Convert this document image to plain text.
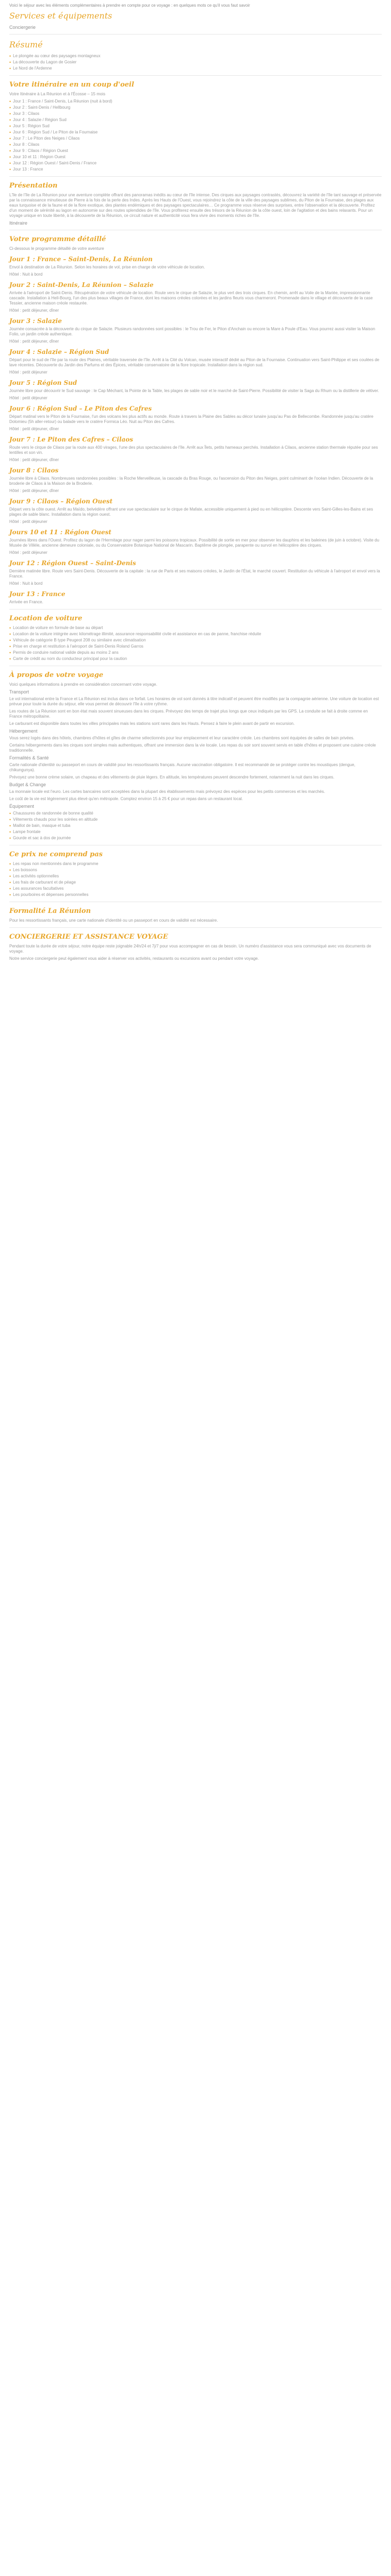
Voici le séjour avec les éléments complémentaires à prendre en compte pour ce voyage : en quelques mots ce qu'il vous faut savoir

Services et équipements

Conciergerie

Résumé
• Le plongée au cœur des paysages montagneux
• La découverte du Lagon de Gosier
• Le Nord de l'Ardenne
Votre itinéraire en un coup d'oeil

Votre Itinéraire à La Réunion et à l'Écosse – 15 mois

• Jour 1 : France / Saint-Denis, La Réunion (nuit à bord)
• Jour 2 : Saint-Denis / Hellbourg
• Jour 3 : Cilaos
• Jour 4 : Salazie / Région Sud
• Jour 5 : Région Sud
• Jour 6 : Région Sud / Le Piton de la Fournaise
• Jour 7 : Le Piton des Neiges / Cilaos
• Jour 8 : Cilaos
• Jour 9 : Cilaos / Région Ouest
• Jour 10 et 11 : Région Ouest
• Jour 12 : Région Ouest / Saint-Denis / France
• Jour 13 : France
Présentation

L'île de l'île de La Réunion pour une aventure complète offrant des panoramas inédits au cœur de l'île intense. Des cirques aux paysages contrastés, découvrez la variété de l'île tant sauvage et préservée par la connaissance minutieuse de Pierre à la fois de la perle des Indes. Après les Hauts de l'Ouest, vous rejoindrez la côte de la ville des paysages sublimes, du Piton de la Fournaise, des plages aux eaux turquoise et de la faune et de la flore exotique, des plantes endémiques et des paysages spectaculaires… Ce programme vous réserve des surprises, entre l'observation et la découverte. Profitez d'un moment de sérénité au lagon en autonomie sur des routes splendides de l'île. Vous profiterez ensuite des trésors de la Réunion de la côte ouest, loin de l'agitation et des bains relaxants. Pour un voyage unique en toute liberté, à la découverte de la Réunion, ce circuit nature et authenticité vous fera vivre des moments riches de l'île.

Itinéraire

Votre programme détaillé

Ci-dessous le programme détaillé de votre aventure

Jour 1 : France – Saint-Denis, La Réunion

Envol à destination de La Réunion. Selon les horaires de vol, prise en charge de votre véhicule de location.

Hôtel : Nuit à bord

Jour 2 : Saint-Denis, La Réunion – Salazie

Arrivée à l'aéroport de Saint-Denis. Récupération de votre véhicule de location. Route vers le cirque de Salazie, le plus vert des trois cirques. En chemin, arrêt au Voile de la Mariée, impressionnante cascade. Installation à Hell-Bourg, l'un des plus beaux villages de France, dont les maisons créoles colorées et les jardins fleuris vous charmeront. Promenade dans le village et découverte de la case Tessier, ancienne maison créole restaurée.

Hôtel : petit déjeuner, dîner

Jour 3 : Salazie

Journée consacrée à la découverte du cirque de Salazie. Plusieurs randonnées sont possibles : le Trou de Fer, le Piton d'Anchain ou encore la Mare à Poule d'Eau. Vous pourrez aussi visiter la Maison Folio, un jardin créole authentique.

Hôtel : petit déjeuner, dîner

Jour 4 : Salazie – Région Sud

Départ pour le sud de l'île par la route des Plaines, véritable traversée de l'île. Arrêt à la Cité du Volcan, musée interactif dédié au Piton de la Fournaise. Continuation vers Saint-Philippe et ses coulées de lave récentes. Découverte du Jardin des Parfums et des Épices, véritable conservatoire de la flore tropicale. Installation dans la région sud.

Hôtel : petit déjeuner

Jour 5 : Région Sud

Journée libre pour découvrir le Sud sauvage : le Cap Méchant, la Pointe de la Table, les plages de sable noir et le marché de Saint-Pierre. Possibilité de visiter la Saga du Rhum ou la distillerie de vétiver.

Hôtel : petit déjeuner

Jour 6 : Région Sud – Le Piton des Cafres

Départ matinal vers le Piton de la Fournaise, l'un des volcans les plus actifs au monde. Route à travers la Plaine des Sables au décor lunaire jusqu'au Pas de Bellecombe. Randonnée jusqu'au cratère Dolomieu (5h aller-retour) ou balade vers le cratère Formica Léo. Nuit au Piton des Cafres.

Hôtel : petit déjeuner, dîner

Jour 7 : Le Piton des Cafres – Cilaos

Route vers le cirque de Cilaos par la route aux 400 virages, l'une des plus spectaculaires de l'île. Arrêt aux Îlets, petits hameaux perchés. Installation à Cilaos, ancienne station thermale réputée pour ses lentilles et son vin.

Hôtel : petit déjeuner, dîner

Jour 8 : Cilaos

Journée libre à Cilaos. Nombreuses randonnées possibles : la Roche Merveilleuse, la cascade du Bras Rouge, ou l'ascension du Piton des Neiges, point culminant de l'océan Indien. Découverte de la broderie de Cilaos à la Maison de la Broderie.

Hôtel : petit déjeuner, dîner

Jour 9 : Cilaos – Région Ouest

Départ vers la côte ouest. Arrêt au Maïdo, belvédère offrant une vue spectaculaire sur le cirque de Mafate, accessible uniquement à pied ou en hélicoptère. Descente vers Saint-Gilles-les-Bains et ses plages de sable blanc. Installation dans la région ouest.

Hôtel : petit déjeuner

Jours 10 et 11 : Région Ouest

Journées libres dans l'Ouest. Profitez du lagon de l'Hermitage pour nager parmi les poissons tropicaux. Possibilité de sortie en mer pour observer les dauphins et les baleines (de juin à octobre). Visite du Musée de Villèle, ancienne demeure coloniale, ou du Conservatoire Botanique National de Mascarin. Baptême de plongée, parapente ou survol en hélicoptère des cirques.

Hôtel : petit déjeuner

Jour 12 : Région Ouest – Saint-Denis

Dernière matinée libre. Route vers Saint-Denis. Découverte de la capitale : la rue de Paris et ses maisons créoles, le Jardin de l'État, le marché couvert. Restitution du véhicule à l'aéroport et envol vers la France.

Hôtel : Nuit à bord

Jour 13 : France

Arrivée en France.

Location de voiture
• Location de voiture en formule de base au départ
• Location de la voiture intégrée avec kilométrage illimité, assurance responsabilité civile et assistance en cas de panne, franchise réduite
• Véhicule de catégorie B type Peugeot 208 ou similaire avec climatisation
• Prise en charge et restitution à l'aéroport de Saint-Denis Roland Garros
• Permis de conduire national valide depuis au moins 2 ans
• Carte de crédit au nom du conducteur principal pour la caution
À propos de votre voyage

Voici quelques informations à prendre en considération concernant votre voyage.

Transport

Le vol international entre la France et La Réunion est inclus dans ce forfait. Les horaires de vol sont donnés à titre indicatif et peuvent être modifiés par la compagnie aérienne. Une voiture de location est prévue pour toute la durée du séjour, elle vous permet de découvrir l'île à votre rythme.

Les routes de La Réunion sont en bon état mais souvent sinueuses dans les cirques. Prévoyez des temps de trajet plus longs que ceux indiqués par les GPS. La conduite se fait à droite comme en France métropolitaine.

Le carburant est disponible dans toutes les villes principales mais les stations sont rares dans les Hauts. Pensez à faire le plein avant de partir en excursion.

Hébergement

Vous serez logés dans des hôtels, chambres d'hôtes et gîtes de charme sélectionnés pour leur emplacement et leur caractère créole. Les chambres sont équipées de salles de bain privées.

Certains hébergements dans les cirques sont simples mais authentiques, offrant une immersion dans la vie locale. Les repas du soir sont souvent servis en table d'hôtes et proposent une cuisine créole traditionnelle.

Formalités & Santé

Carte nationale d'identité ou passeport en cours de validité pour les ressortissants français. Aucune vaccination obligatoire. Il est recommandé de se protéger contre les moustiques (dengue, chikungunya).

Prévoyez une bonne crème solaire, un chapeau et des vêtements de pluie légers. En altitude, les températures peuvent descendre fortement, notamment la nuit dans les cirques.

Budget & Change

La monnaie locale est l'euro. Les cartes bancaires sont acceptées dans la plupart des établissements mais prévoyez des espèces pour les petits commerces et les marchés.

Le coût de la vie est légèrement plus élevé qu'en métropole. Comptez environ 15 à 25 € pour un repas dans un restaurant local.

Équipement

• Chaussures de randonnée de bonne qualité
• Vêtements chauds pour les soirées en altitude
• Maillot de bain, masque et tuba
• Lampe frontale
• Gourde et sac à dos de journée
Ce prix ne comprend pas
• Les repas non mentionnés dans le programme
• Les boissons
• Les activités optionnelles
• Les frais de carburant et de péage
• Les assurances facultatives
• Les pourboires et dépenses personnelles
Formalité La Réunion

Pour les ressortissants français, une carte nationale d'identité ou un passeport en cours de validité est nécessaire.

CONCIERGERIE ET ASSISTANCE VOYAGE

Pendant toute la durée de votre séjour, notre équipe reste joignable 24h/24 et 7j/7 pour vous accompagner en cas de besoin. Un numéro d'assistance vous sera communiqué avec vos documents de voyage.

Notre service conciergerie peut également vous aider à réserver vos activités, restaurants ou excursions avant ou pendant votre voyage.
